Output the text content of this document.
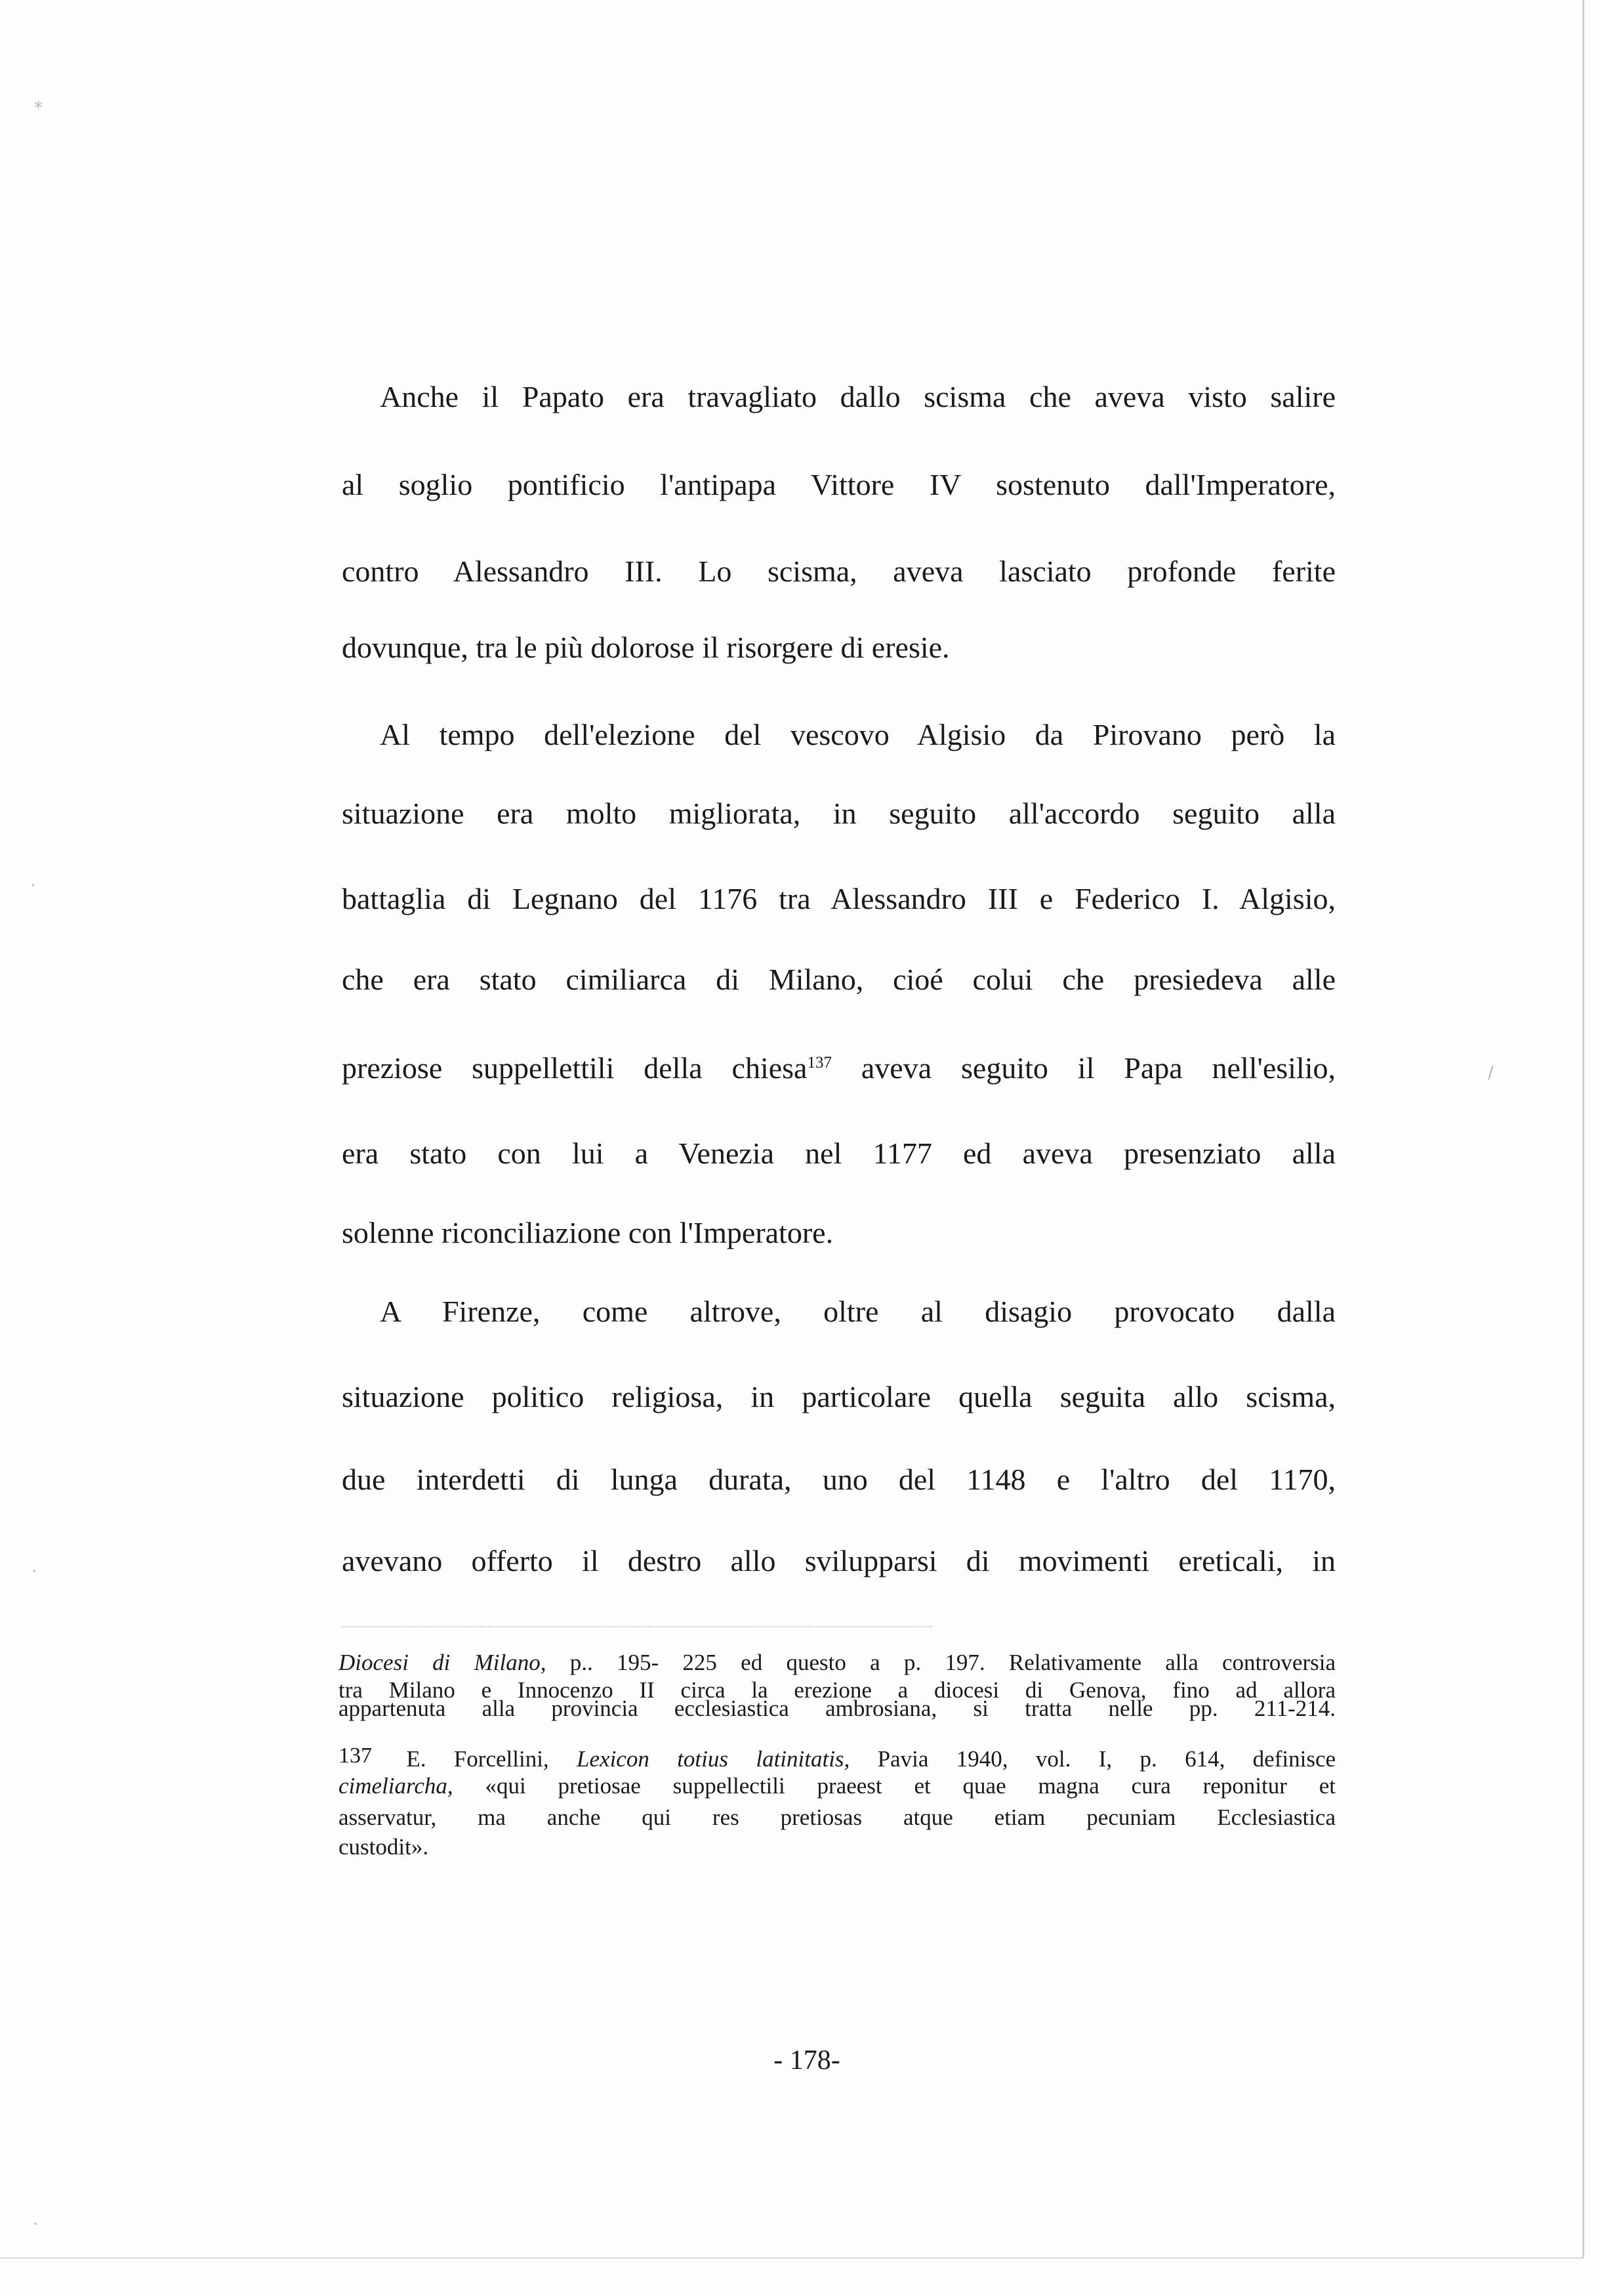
*
·
·
·
/
Anche il Papato era travagliato dallo scisma che aveva visto salire
al soglio pontificio l'antipapa Vittore IV sostenuto dall'Imperatore,
contro Alessandro III. Lo scisma, aveva lasciato profonde ferite
dovunque, tra le più dolorose il risorgere di eresie.
Al tempo dell'elezione del vescovo Algisio da Pirovano però la
situazione era molto migliorata, in seguito all'accordo seguito alla
battaglia di Legnano del 1176 tra Alessandro III e Federico I. Algisio,
che era stato cimiliarca di Milano, cioé colui che presiedeva alle
preziose suppellettili della chiesa$^{137}$ aveva seguito il Papa nell'esilio,
era stato con lui a Venezia nel 1177 ed aveva presenziato alla
solenne riconciliazione con l'Imperatore.
A Firenze, come altrove, oltre al disagio provocato dalla
situazione politico religiosa, in particolare quella seguita allo scisma,
due interdetti di lunga durata, uno del 1148 e l'altro del 1170,
avevano offerto il destro allo svilupparsi di movimenti ereticali, in
Diocesi di Milano, p.. 195- 225 ed questo a p. 197. Relativamente alla controversia
tra Milano e Innocenzo II circa la erezione a diocesi di Genova, fino ad allora
appartenuta alla provincia ecclesiastica ambrosiana, si tratta nelle pp. 211-214.
137 E. Forcellini, Lexicon totius latinitatis, Pavia 1940, vol. I, p. 614, definisce
cimeliarcha, «qui pretiosae suppellectili praeest et quae magna cura reponitur et
asservatur, ma anche qui res pretiosas atque etiam pecuniam Ecclesiastica
custodit».
- 178-
